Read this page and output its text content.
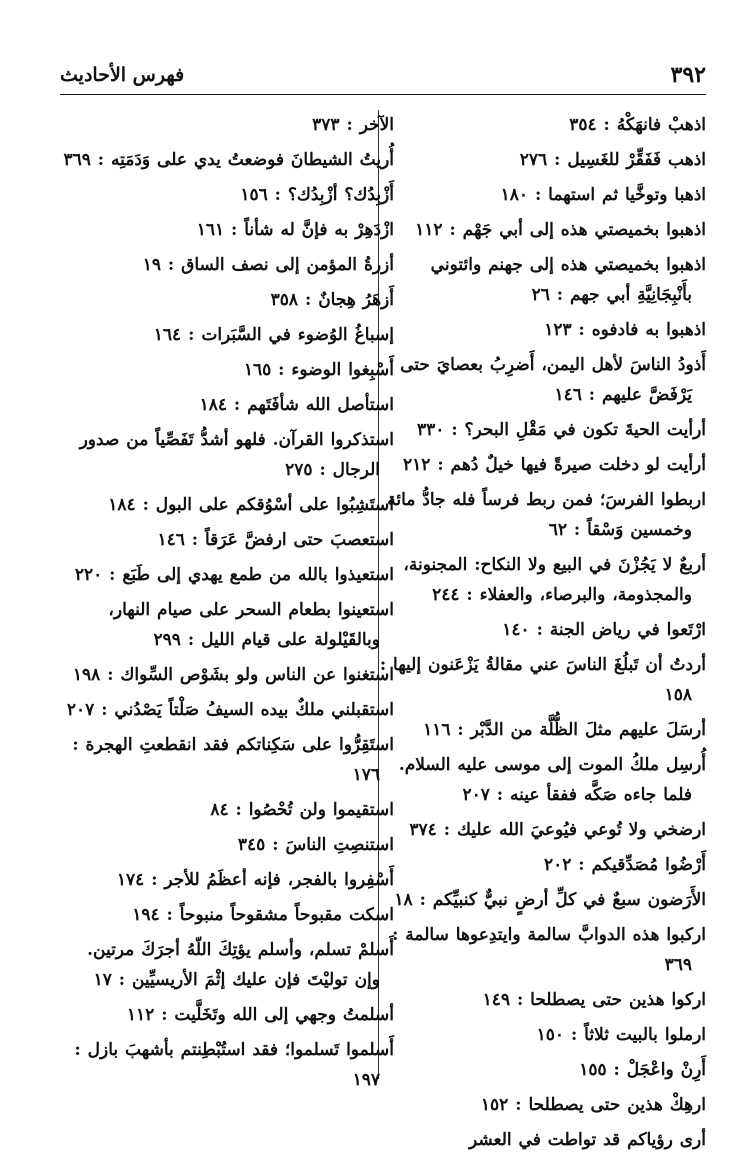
٣٩٢
فهرس الأحاديث
اذهبْ فانهَكْهُ : ٣٥٤
اذهب فَفَقِّرْ للغَسِيل : ٢٧٦
اذهبا وتوخَّيا ثم استهما : ١٨٠
اذهبوا بخميصتي هذه إلى أبي جَهْم : ١١٢
اذهبوا بخميصتي هذه إلى جهنم وائتوني بأَنْبِجَانِيَّةِ أبي جهم : ٢٦
اذهبوا به فادفوه : ١٢٣
أَذودُ الناسَ لأهل اليمن، أَضرِبُ بعصايَ حتى يَرْفَضَّ عليهم : ١٤٦
أرأيت الحيةَ تكون في مَقْلِ البحر؟ : ٣٣٠
أرأيت لو دخلت صيرةً فيها خيلٌ دُهم : ٢١٢
اربطوا الفرسَ؛ فمن ربط فرساً فله جادُّ مائة وخمسين وَسْقاً : ٦٢
أربعٌ لا يَجُزْنَ في البيع ولا النكاح: المجنونة، والمجذومة، والبرصاء، والعفلاء : ٢٤٤
ارْتَعوا في رياض الجنة : ١٤٠
أردتُ أن تَبلُغَ الناسَ عني مقالةُ يَزْعَنون إليها : ١٥٨
أرسَلَ عليهم مثلَ الظُّلَّة من الدَّبْر : ١١٦
أُرسِل ملكُ الموت إلى موسى عليه السلام. فلما جاءه صَكَّه ففقأ عينه : ٢٠٧
ارضخي ولا تُوعي فيُوعيَ الله عليك : ٣٧٤
أَرْضُوا مُصَدِّقيكم : ٢٠٢
الأَرَضون سبعٌ في كلِّ أرضٍ نبيٌّ كنبيِّكم : ١٨
اركبوا هذه الدوابَّ سالمة وايتدِعوها سالمة : ٣٦٩
اركوا هذين حتى يصطلحا : ١٤٩
ارملوا بالبيت ثلاثاً : ١٥٠
أَرِنْ واعْجَلْ : ١٥٥
ارهِكْ هذين حتى يصطلحا : ١٥٢
أرى رؤياكم قد تواطت في العشر
الآخر : ٣٧٣
أُريتُ الشيطانَ فوضعتُ يدي على وَدَمَتِه : ٣٦٩
أَزْبِدُك؟ أزْبِدُك؟ : ١٥٦
ازْدَهِرْ به فإنَّ له شأناً : ١٦١
أزرةُ المؤمن إلى نصف الساق : ١٩
أَزهَرُ هِجانٌ : ٣٥٨
إسباغُ الوُضوء في السَّبَرات : ١٦٤
أَسْبِغوا الوضوء : ١٦٥
استأصل الله شأفَتَهم : ١٨٤
استذكروا القرآن. فلهو أشدُّ تَفَصِّياً من صدور الرجال : ٢٧٥
استَشِبُوا على أسْوُقكم على البول : ١٨٤
استعصبَ حتى ارفضَّ عَرَقاً : ١٤٦
استعيذوا بالله من طمع يهدي إلى طَبَع : ٢٢٠
استعينوا بطعام السحر على صيام النهار، وبالقَيْلولة على قيام الليل : ٢٩٩
استغنوا عن الناس ولو بشَوْص السِّواك : ١٩٨
استقبلني ملكٌ بيده السيفُ صَلْتاً يَصْدُني : ٢٠٧
استَقِرُّوا على سَكِناتكم فقد انقطعتِ الهجرة : ١٧٦
استقيموا ولن تُحْصُوا : ٨٤
استنصِتِ الناسَ : ٣٤٥
أَسْفِروا بالفجر، فإنه أعظَمُ للأجر : ١٧٤
اسكت مقبوحاً مشقوحاً منبوحاً : ١٩٤
أَسلمْ تسلم، وأسلم يؤتِكَ اللّهُ أجرَكَ مرتين. وإن توليْتَ فإن عليك إثْمَ الأريسيِّين : ١٧
أسلمتُ وجهي إلى الله وتَخَلَّيت : ١١٢
أَسلموا تَسلموا؛ فقد استُبْطِنتم بأشهبَ بازل : ١٩٧
